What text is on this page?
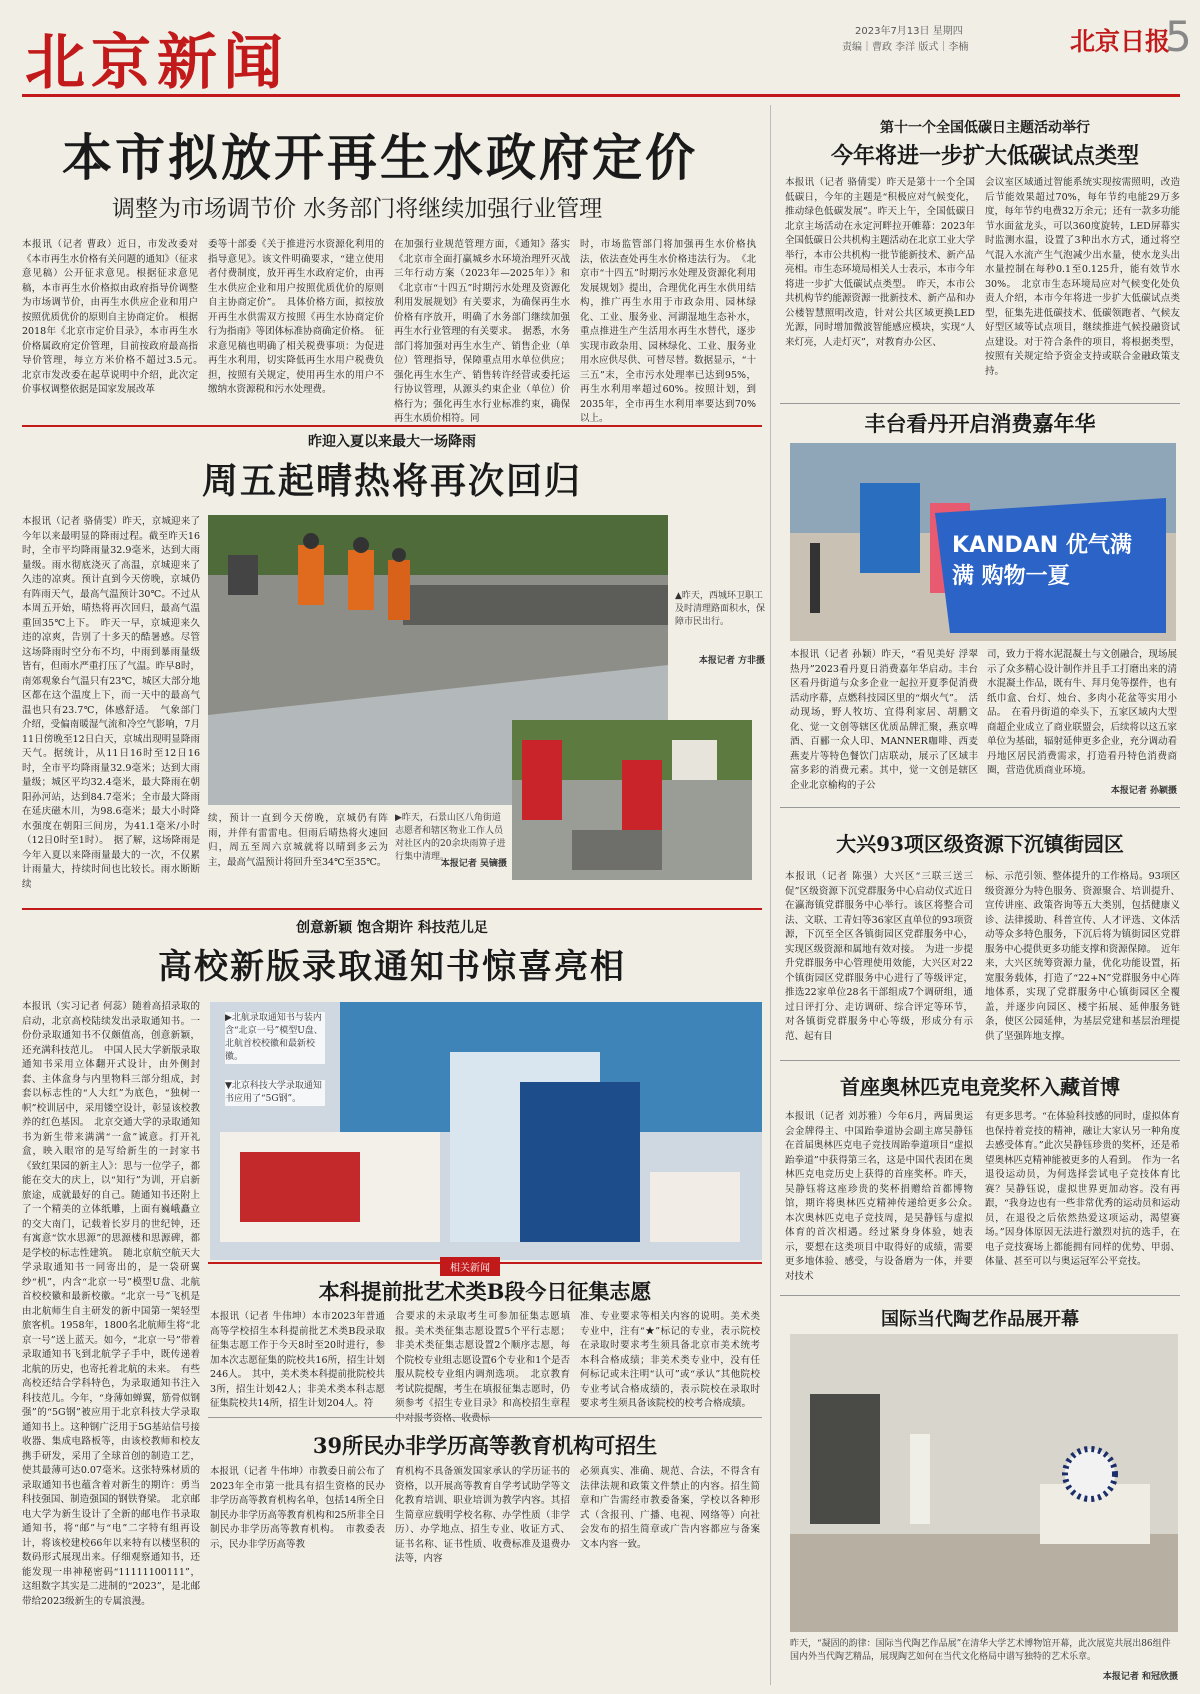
北京新闻	2023年7月13日 星期四
责编｜曹政 李洋 版式｜李楠	北京日报
5
本市拟放开再生水政府定价
调整为市场调节价 水务部门将继续加强行业管理
本报讯（记者 曹政）近日，市发改委对《本市再生水价格有关问题的通知》（征求意见稿）公开征求意见。根据征求意见稿，本市再生水价格拟由政府指导价调整为市场调节价，由再生水供应企业和用户按照优质优价的原则自主协商定价。　根据2018年《北京市定价目录》，本市再生水价格属政府定价管理，目前按政府最高指导价管理，每立方米价格不超过3.5元。　北京市发改委在起草说明中介绍，此次定价事权调整依据是国家发展改革
委等十部委《关于推进污水资源化利用的指导意见》。该文件明确要求，“建立使用者付费制度，放开再生水政府定价，由再生水供应企业和用户按照优质优价的原则自主协商定价”。　具体价格方面，拟按放开再生水供需双方按照《再生水协商定价行为指南》等团体标准协商确定价格。　征求意见稿也明确了相关税费事项：为促进再生水利用，切实降低再生水用户税费负担，按照有关规定，使用再生水的用户不缴纳水资源税和污水处理费。
在加强行业规范管理方面，《通知》落实《北京市全面打赢城乡水环境治理歼灭战三年行动方案（2023年—2025年）》和《北京市“十四五”时期污水处理及资源化利用发展规划》有关要求，为确保再生水价格有序放开，明确了水务部门继续加强再生水行业管理的有关要求。　据悉，水务部门将加强对再生水生产、销售企业（单位）管理指导，保障重点用水单位供应；强化再生水生产、销售转许经营或委托运行协议管理，从源头约束企业（单位）价格行为；强化再生水行业标准约束，确保再生水质价相符。同
时，市场监管部门将加强再生水价格执法，依法查处再生水价格违法行为。　《北京市“十四五”时期污水处理及资源化利用发展规划》提出，合理优化再生水供用结构，推广再生水用于市政杂用、园林绿化、工业、服务业、河湖湿地生态补水，重点推进生产生活用水再生水替代，逐步实现市政杂用、园林绿化、工业、服务业用水应供尽供、可替尽替。数据显示，“十三五”末，全市污水处理率已达到95%，再生水利用率超过60%。按照计划，到2035年，全市再生水利用率要达到70%以上。
第十一个全国低碳日主题活动举行
今年将进一步扩大低碳试点类型
本报讯（记者 骆倩雯）昨天是第十一个全国低碳日，今年的主题是“积极应对气候变化，推动绿色低碳发展”。昨天上午，全国低碳日北京主场活动在永定河畔拉开帷幕：2023年全国低碳日公共机构主题活动在北京工业大学举行，本市公共机构一批节能新技术、新产品亮相。市生态环境局相关人士表示，本市今年将进一步扩大低碳试点类型。　昨天，本市公共机构节约能源资源一批新技术、新产品和办公楼智慧照明改造，针对公共区域更换LED光源，同时增加微波智能感应模块，实现“人来灯亮，人走灯灭”，对教育办公区、
会议室区域通过智能系统实现按需照明，改造后节能效果超过70%，每年节约电能29万多度，每年节约电费32万余元；还有一款多功能节水面盆龙头，可以360度旋转，LED屏幕实时监测水温，设置了3种出水方式，通过将空气混入水流产生气泡减少出水量，使水龙头出水量控制在每秒0.1至0.125升，能有效节水30%。　北京市生态环境局应对气候变化处负责人介绍，本市今年将进一步扩大低碳试点类型，征集先进低碳技术、低碳领跑者、气候友好型区域等试点项目，继续推进气候投融资试点建设。对于符合条件的项目，将根据类型，按照有关规定给予资金支持或联合金融政策支持。
昨迎入夏以来最大一场降雨
周五起晴热将再次回归
本报讯（记者 骆倩雯）昨天，京城迎来了今年以来最明显的降雨过程。截至昨天16时，全市平均降雨量32.9毫米，达到大雨量级。雨水彻底浇灭了高温，京城迎来了久违的凉爽。预计直到今天傍晚，京城仍有阵雨天气，最高气温预计30℃。不过从本周五开始，晴热将再次回归，最高气温重回35℃上下。　昨天一早，京城迎来久违的凉爽，告别了十多天的酷暑感。尽管这场降雨时空分布不均，中雨到暴雨量级皆有，但雨水严重打压了气温。昨早8时，南郊观象台气温只有23℃，城区大部分地区都在这个温度上下，而一天中的最高气温也只有23.7℃，体感舒适。　气象部门介绍，受偏南暖湿气流和冷空气影响，7月11日傍晚至12日白天，京城出现明显降雨天气。据统计，从11日16时至12日16时，全市平均降雨量32.9毫米；达到大雨量级；城区平均32.4毫米，最大降雨在朝阳孙河站，达到84.7毫米；全市最大降雨在延庆磁木川，为98.6毫米；最大小时降水强度在朝阳三间房，为41.1毫米/小时（12日0时至1时）。　据了解，这场降雨是今年入夏以来降雨量最大的一次，不仅累计雨量大，持续时间也比较长。雨水断断续
▲昨天，西城环卫职工及时清理路面积水，保障市民出行。
本报记者 方非摄
续，预计一直到今天傍晚，京城仍有阵雨，并伴有雷雷电。但雨后晴热将火速回归，周五至周六京城就将以晴到多云为主，最高气温预计将回升至34℃至35℃。
▶昨天，石景山区八角街道志愿者和辖区物业工作人员对社区内的20余块雨箅子进行集中清理。
本报记者 吴镝摄
丰台看丹开启消费嘉年华
KANDAN 优气满满 购物一夏
本报讯（记者 孙颖）昨天，“看见美好 浮翠热丹”2023看丹夏日消费嘉年华启动。丰台区看丹街道与众多企业一起拉开夏季促消费活动序幕，点燃科技园区里的“烟火气”。　活动现场，野人牧坊、宜得利家居、胡鹏文化、觉一文创等辖区优质品牌汇聚，燕京啤酒、百郦一众人印、MANNER咖啡、西麦燕麦片等特色餐饮门店联动，展示了区域丰富多彩的消费元素。其中，觉一文创是辖区企业北京榆构的子公
司，致力于将水泥混凝土与文创融合，现场展示了众多精心设计制作并且手工打磨出来的清水混凝土作品，既有牛、拜月兔等摆件，也有纸巾盒、台灯、烛台、多肉小花盆等实用小品。　在看丹街道的牵头下，五家区域内大型商超企业成立了商业联盟会，后续将以这五家单位为基础，辐射延伸更多企业，充分调动看丹地区居民消费需求，打造看丹特色消费商圈，营造优质商业环境。
本报记者 孙颖摄
大兴93项区级资源下沉镇街园区
本报讯（记者 陈强）大兴区“三联三送三促”区级资源下沉党群服务中心启动仪式近日在瀛海镇党群服务中心举行。该区将整合司法、文联、工青妇等36家区直单位的93项资源，下沉至全区各镇街园区党群服务中心，实现区级资源和属地有效对接。　为进一步提升党群服务中心管理使用效能，大兴区对22个镇街园区党群服务中心进行了等级评定，推选22家单位28名干部组成7个调研组，通过日评打分、走访调研、综合评定等环节，对各镇街党群服务中心等级，形成分有示范、起有目
标、示范引领、整体提升的工作格局。93项区级资源分为特色服务、资源聚合、培训提升、宣传讲座、政策咨询等五大类别，包括健康义诊、法律援助、科普宣传、人才评选、文体活动等众多特色服务，下沉后将为镇街园区党群服务中心提供更多功能支撑和资源保障。　近年来，大兴区统筹资源力量，优化功能设置，拓宽服务载体，打造了“22+N”党群服务中心阵地体系，实现了党群服务中心镇街园区全覆盖，并逐步向园区、楼宇拓展、延伸服务链条，使区公园延伸，为基层党建和基层治理提供了坚强阵地支撑。
首座奥林匹克电竞奖杯入藏首博
本报讯（记者 刘苏雅）今年6月，两届奥运会金牌得主、中国跆拳道协会副主席吴静钰在首届奥林匹克电子竞技周跆拳道项目“虚拟跆拳道”中获得第三名，这是中国代表团在奥林匹克电竞历史上获得的首座奖杯。昨天，吴静钰将这座珍贵的奖杯捐赠给首都博物馆，期许将奥林匹克精神传递给更多公众。　本次奥林匹克电子竞技周，是吴静钰与虚拟体育的首次相遇。经过紧身身体验，她表示，要想在这类项目中取得好的成绩，需要更多地体验、感受，与设备磨为一体，并要对技术
有更多思考。“在体验科技感的同时，虚拟体育也保持着竞技的精神，融让大家认另一种角度去感受体育。”此次吴静钰珍贵的奖杯，还是希望奥林匹克精神能被更多的人看到。　作为一名退役运动员，为何选择尝试电子竞技体育比赛？吴静钰说，虚拟世界更加动容。没有再跟，“我身边也有一些非常优秀的运动员和运动员，在退役之后依然热爱这项运动，渴望赛场。”因身体原因无法进行激烈对抗的选手，在电子竞技赛场上都能拥有同样的优势、甲弱、体量、甚至可以与奥运冠军公平竞技。
国际当代陶艺作品展开幕
昨天，“凝固的韵律：国际当代陶艺作品展”在清华大学艺术博物馆开幕，此次展览共展出86组件国内外当代陶艺精品，展现陶艺如何在当代文化格局中谱写独特的艺术乐章。
本报记者 和冠欣摄
创意新颖 饱含期许 科技范儿足
高校新版录取通知书惊喜亮相
本报讯（实习记者 何蕊）随着高招录取的启动，北京高校陆续发出录取通知书。一份份录取通知书不仅颇值高，创意新颖，还充满科技范儿。　中国人民大学新版录取通知书采用立体翻开式设计，由外侧封套、主体盒身与内里物料三部分组成，封套以标志性的“人大红”为底色，“独树一帜”校训居中，采用镂空设计，彰显该校教养的红色基因。　北京交通大学的录取通知书为新生带来满满“一盒”诚意。打开礼盒，映入眼帘的是写给新生的一封家书《致红果园的新主人》：思与一位学子，都能在交大的庆上，以“知行”为训，开启新旅途，成就最好的自己。随通知书还附上了一个精美的立体纸雕，上面有巍峨矗立的交大南门，记载着长岁月的世纪钟，还有寓意“饮水思源”的思源楼和思源碑，都是学校的标志性建筑。　随北京航空航天大学录取通知书一同寄出的，是一袋研翼纱“机”，内含“北京一号”模型U盘、北航首校校徽和最新校徽。“北京一号”飞机是由北航师生自主研发的新中国第一架轻型旅客机。1958年，1800名北航师生将“北京一号”送上蓝天。如今，“北京一号”带着录取通知书飞到北航学子手中，既传递着北航的历史，也寄托着北航的未来。　有些高校还结合学科特色，为录取通知书注入科技范儿。今年，“身薄如蝉翼，筋骨似钢强”的“5G钢”被应用于北京科技大学录取通知书上。这种钢广泛用于5G基站信号接收器、集成电路板等，由该校教师和校友携手研发，采用了全球首创的制造工艺，使其最薄可达0.07毫米。这张特殊材质的录取通知书也蕴含着对新生的期许：勇当科技强国、制造强国的钢铁脊梁。　北京邮电大学为新生设计了全新的邮电作书录取通知书，将“邮”与“电”二字特有组再设计，将该校建校66年以来特有以楼坚积的数码形式展现出来。仔细观察通知书，还能发现一串神秘密码“11111100111”，这组数字其实是二进制的“2023”，是北邮带给2023级新生的专属浪漫。
▶北航录取通知书与装内含“北京一号”模型U盘、北航首校校徽和最新校徽。
▼北京科技大学录取通知书应用了“5G钢”。
相关新闻
本科提前批艺术类B段今日征集志愿
本报讯（记者 牛伟坤）本市2023年普通高等学校招生本科提前批艺术类B段录取征集志愿工作于今天8时至20时进行，参加本次志愿征集的院校共16所，招生计划246人。　其中，美术类本科提前批院校共3所，招生计划42人；非美术类本科志愿征集院校共14所，招生计划204人。符
合要求的未录取考生可参加征集志愿填报。美术类征集志愿设置5个平行志愿；非美术类征集志愿设置2个顺序志愿，每个院校专业组志愿设置6个专业和1个是否服从院校专业组内调剂选项。　北京教育考试院提醒，考生在填报征集志愿时，仍须参考《招生专业目录》和高校招生章程中对报考资格、收费标
准、专业要求等相关内容的说明。美术类专业中，注有“★”标记的专业，表示院校在录取时要求考生须具备北京市美术统考本科合格成绩；非美术类专业中，没有任何标记或未注明“认可”或“承认”其他院校专业考试合格成绩的，表示院校在录取时要求考生须具备该院校的校考合格成绩。
39所民办非学历高等教育机构可招生
本报讯（记者 牛伟坤）市教委日前公布了2023年全市第一批具有招生资格的民办非学历高等教育机构名单，包括14所全日制民办非学历高等教育机构和25所非全日制民办非学历高等教育机构。　市教委表示，民办非学历高等教
育机构不具备颁发国家承认的学历证书的资格，以开展高等教育自学考试助学等文化教育培训、职业培训为教学内容。其招生简章应载明学校名称、办学性质（非学历）、办学地点、招生专业、收证方式、证书名称、证书性质、收费标准及退费办法等，内容
必须真实、准确、规范、合法，不得含有法律法规和政策文件禁止的内容。招生简章和广告需经市教委备案，学校以各种形式（含报刊、广播、电视、网络等）向社会发布的招生简章或广告内容都应与备案文本内容一致。
